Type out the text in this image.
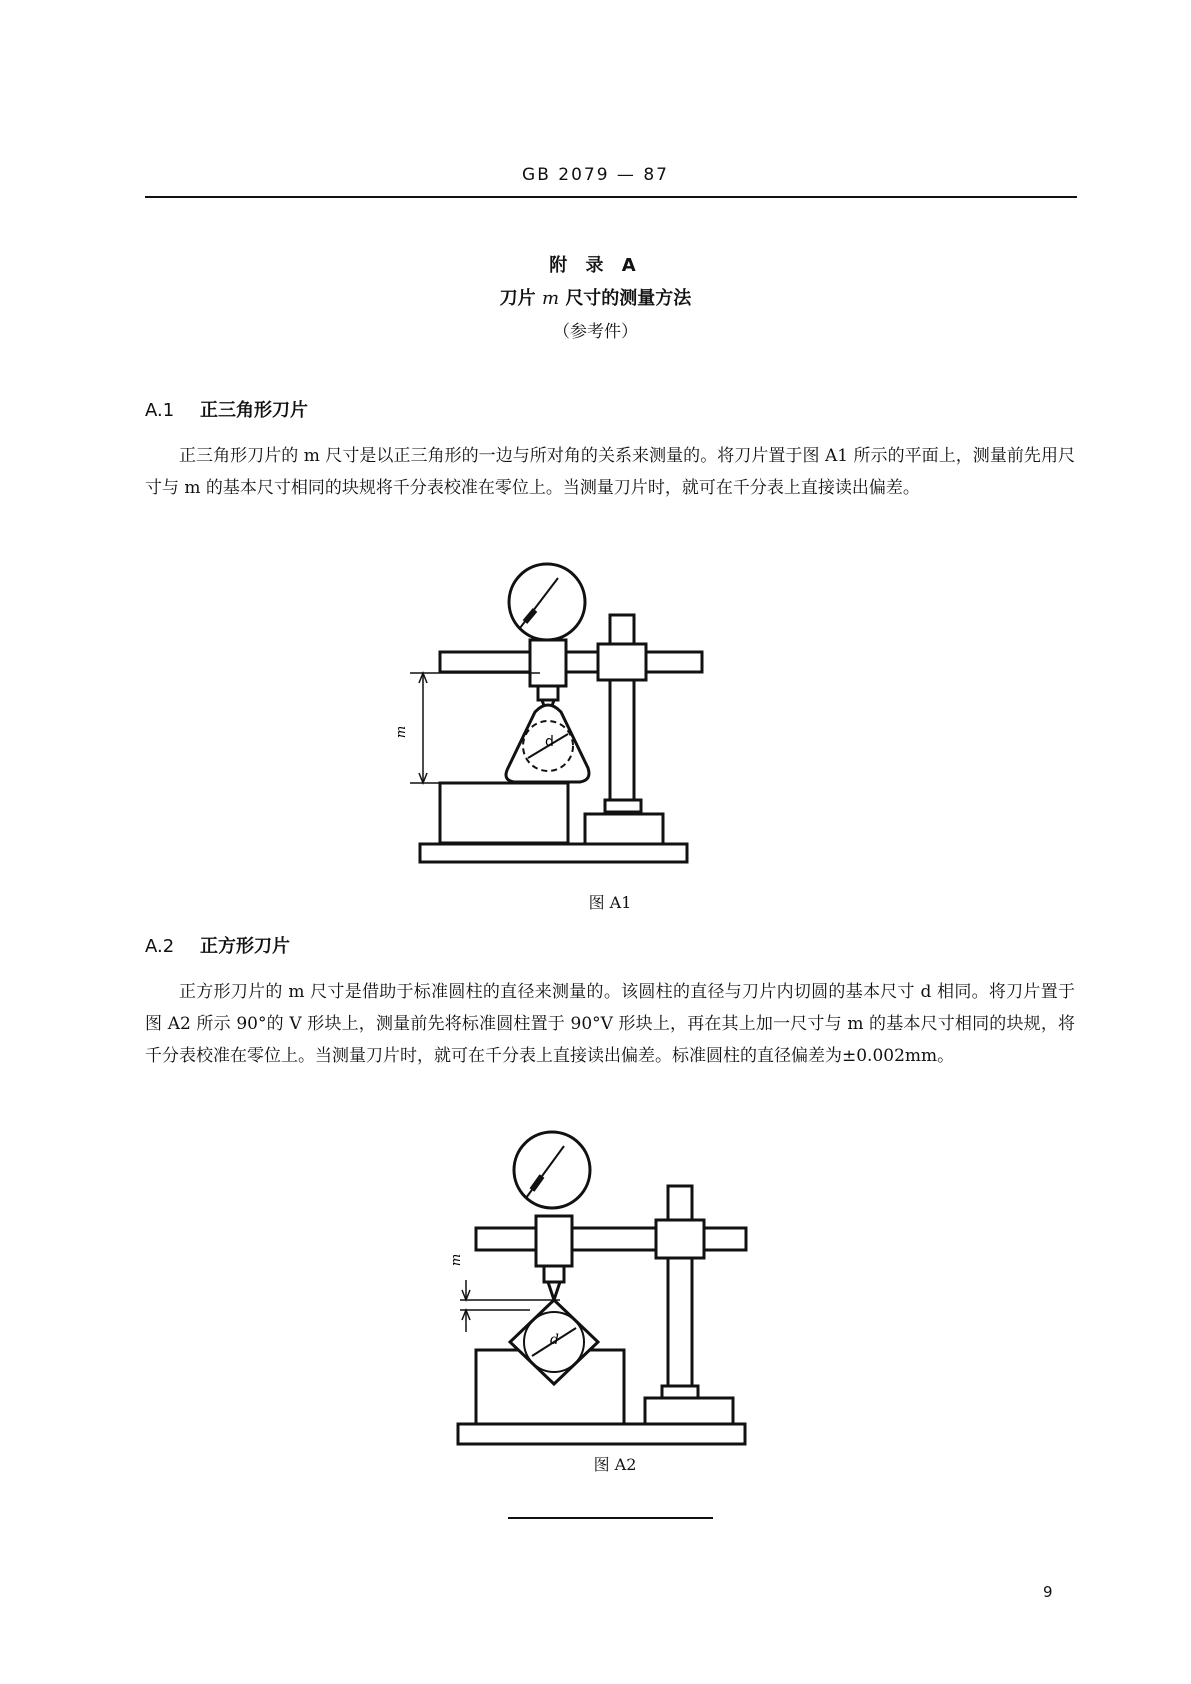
GB 2079 — 87
附 录 A
刀片 m 尺寸的测量方法
（参考件）
A.1 正三角形刀片
正三角形刀片的 m 尺寸是以正三角形的一边与所对角的关系来测量的。将刀片置于图 A1 所示的平面上，测量前先用尺寸与 m 的基本尺寸相同的块规将千分表校准在零位上。当测量刀片时，就可在千分表上直接读出偏差。
m
d
图 A1
A.2 正方形刀片
正方形刀片的 m 尺寸是借助于标准圆柱的直径来测量的。该圆柱的直径与刀片内切圆的基本尺寸 d 相同。将刀片置于图 A2 所示 90°的 V 形块上，测量前先将标准圆柱置于 90°V 形块上，再在其上加一尺寸与 m 的基本尺寸相同的块规，将千分表校准在零位上。当测量刀片时，就可在千分表上直接读出偏差。标准圆柱的直径偏差为±0.002mm。
m
d
图 A2
9
